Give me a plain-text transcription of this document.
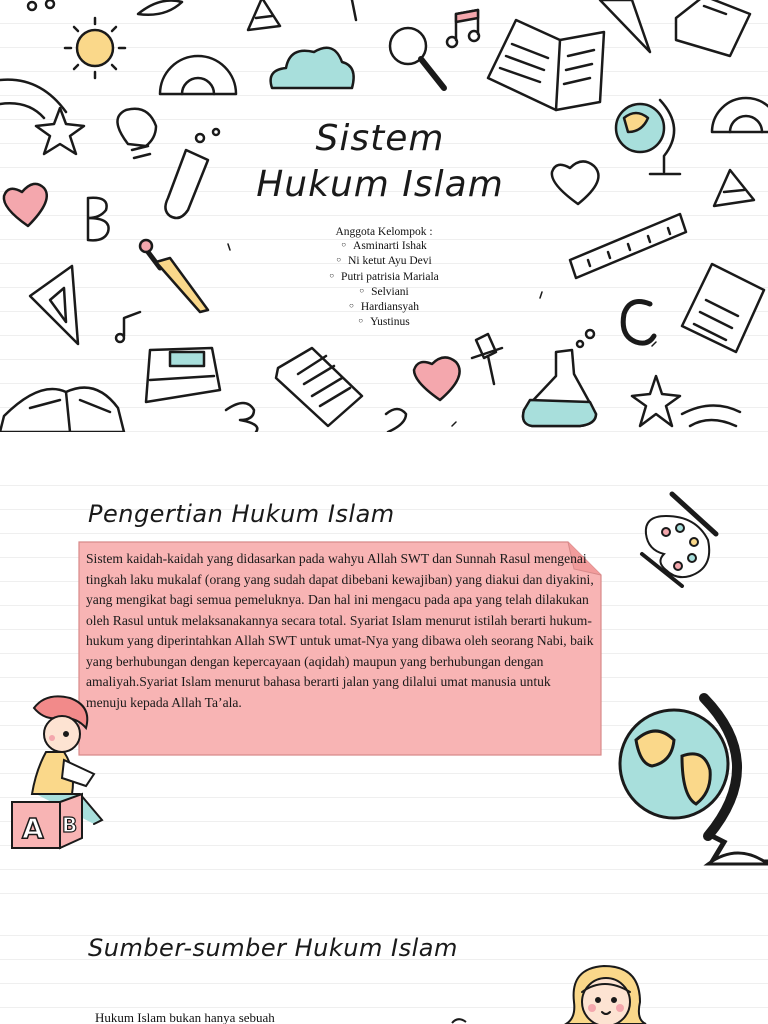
Sistem
Hukum Islam
Anggota Kelompok :
○ Asminarti Ishak
○ Ni ketut Ayu Devi
○ Putri patrisia Mariala
○ Selviani
○ Hardiansyah
○ Yustinus
Pengertian Hukum Islam

Sistem kaidah-kaidah yang didasarkan pada wahyu Allah SWT dan Sunnah Rasul mengenai tingkah laku mukalaf (orang yang sudah dapat dibebani kewajiban) yang diakui dan diyakini, yang mengikat bagi semua pemeluknya. Dan hal ini mengacu pada apa yang telah dilakukan oleh Rasul untuk melaksanakannya secara total. Syariat Islam menurut istilah berarti hukum-hukum yang diperintahkan Allah SWT untuk umat-Nya yang dibawa oleh seorang Nabi, baik yang berhubungan dengan kepercayaan (aqidah) maupun yang berhubungan dengan amaliyah.Syariat Islam menurut bahasa berarti jalan yang dilalui umat manusia untuk menuju kepada Allah Ta’ala.

A B
Sumber-sumber Hukum Islam

Hukum Islam bukan hanya sebuah
